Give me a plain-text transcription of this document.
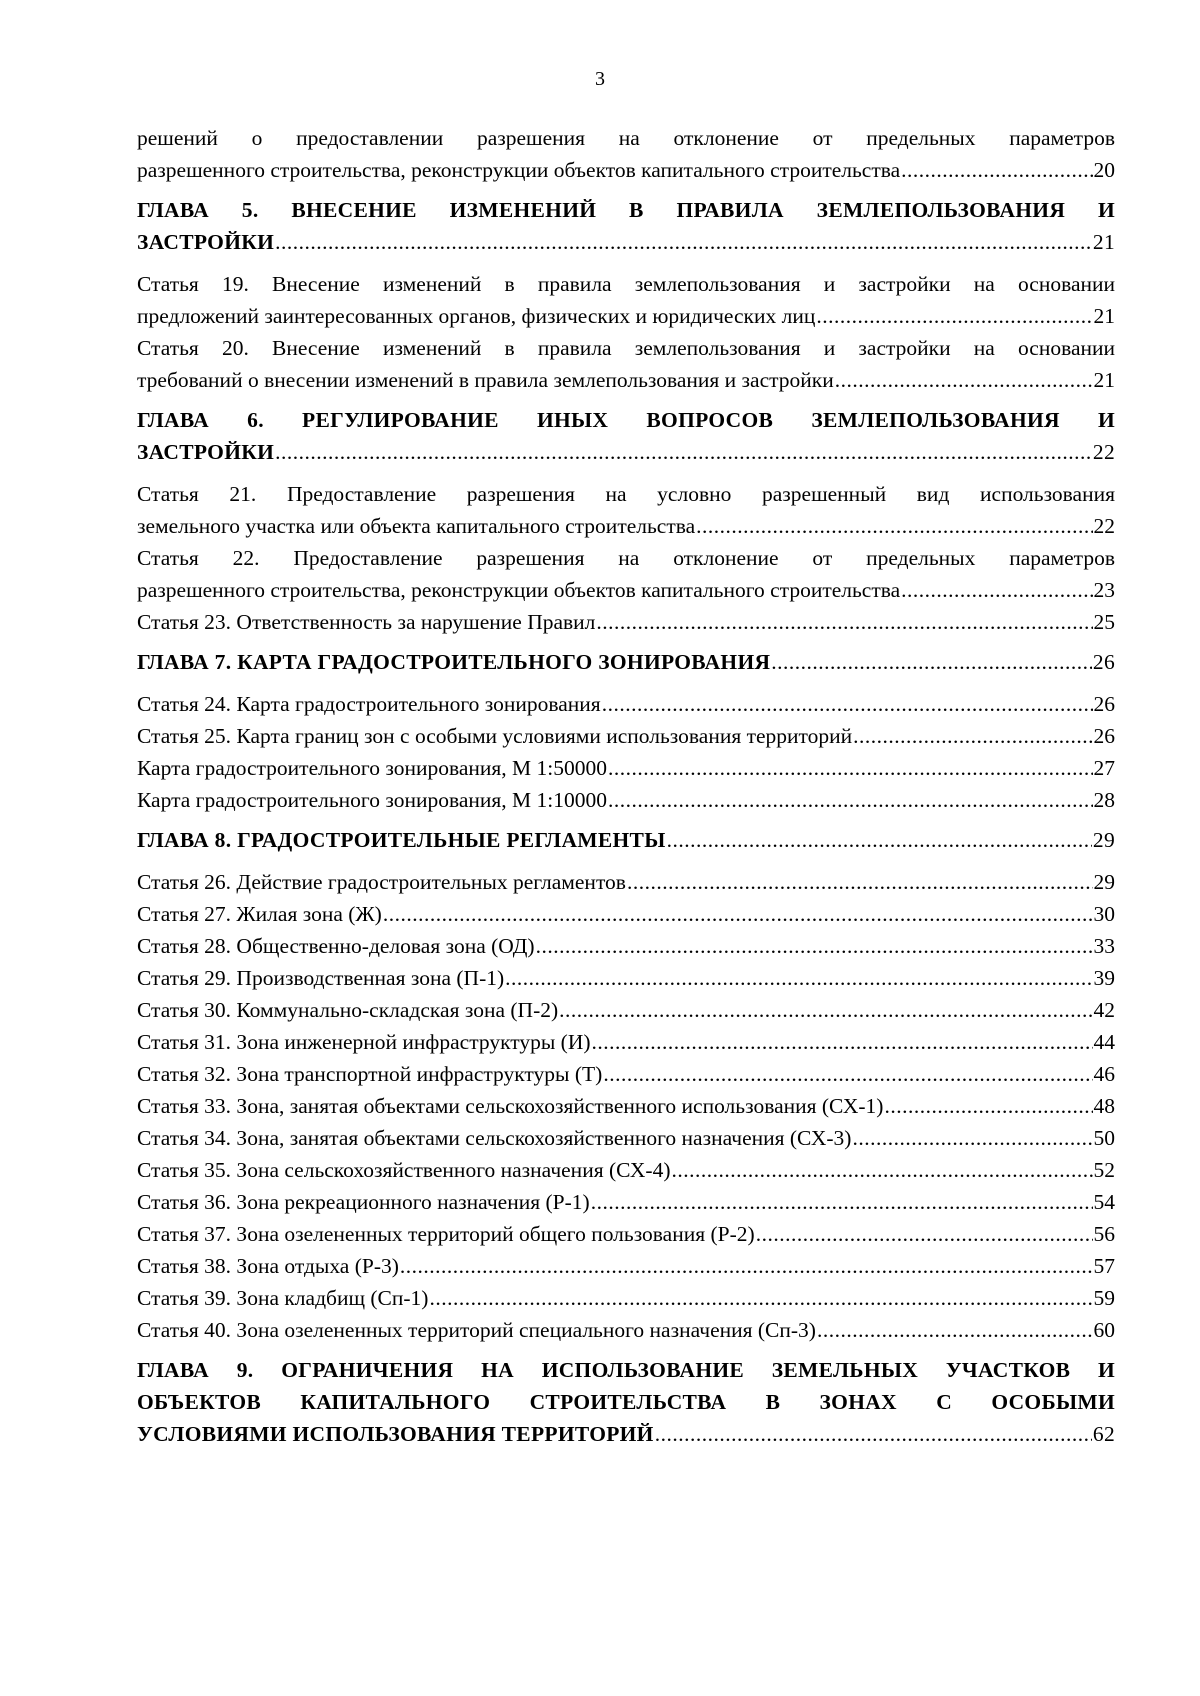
3
решений о предоставлении разрешения на отклонение от предельных параметров
разрешенного строительства, реконструкции объектов капитального строительства .....	20
ГЛАВА 5. ВНЕСЕНИЕ ИЗМЕНЕНИЙ В ПРАВИЛА ЗЕМЛЕПОЛЬЗОВАНИЯ И
ЗАСТРОЙКИ .....	21
Статья 19. Внесение изменений в правила землепользования и застройки на основании
предложений заинтересованных органов, физических и юридических лиц .....	21
Статья 20. Внесение изменений в правила землепользования и застройки на основании
требований о внесении изменений в правила землепользования и застройки .....	21
ГЛАВА 6. РЕГУЛИРОВАНИЕ ИНЫХ ВОПРОСОВ ЗЕМЛЕПОЛЬЗОВАНИЯ И
ЗАСТРОЙКИ .....	22
Статья 21. Предоставление разрешения на условно разрешенный вид использования
земельного участка или объекта капитального строительства .....	22
Статья 22. Предоставление разрешения на отклонение от предельных параметров
разрешенного строительства, реконструкции объектов капитального строительства .....	23
Статья 23. Ответственность за нарушение Правил .....	25
ГЛАВА 7. КАРТА ГРАДОСТРОИТЕЛЬНОГО ЗОНИРОВАНИЯ .....	26
Статья 24. Карта градостроительного зонирования .....	26
Статья 25. Карта границ зон с особыми условиями использования территорий .....	26
Карта градостроительного зонирования, М 1:50000 .....	27
Карта градостроительного зонирования, М 1:10000 .....	28
ГЛАВА 8. ГРАДОСТРОИТЕЛЬНЫЕ РЕГЛАМЕНТЫ .....	29
Статья 26. Действие градостроительных регламентов .....	29
Статья 27. Жилая зона (Ж) .....	30
Статья 28. Общественно-деловая зона (ОД) .....	33
Статья 29. Производственная зона (П-1) .....	39
Статья 30. Коммунально-складская зона (П-2) .....	42
Статья 31. Зона инженерной инфраструктуры (И) .....	44
Статья 32. Зона транспортной инфраструктуры (Т) .....	46
Статья 33. Зона, занятая объектами сельскохозяйственного использования (СХ-1) .....	48
Статья 34. Зона, занятая объектами сельскохозяйственного назначения (СХ-3) .....	50
Статья 35. Зона сельскохозяйственного назначения (СХ-4) .....	52
Статья 36. Зона рекреационного назначения (Р-1) .....	54
Статья 37. Зона озелененных территорий общего пользования (Р-2) .....	56
Статья 38. Зона отдыха (Р-3) .....	57
Статья 39. Зона кладбищ (Сп-1) .....	59
Статья 40. Зона озелененных территорий специального назначения (Сп-3) .....	60
ГЛАВА 9. ОГРАНИЧЕНИЯ НА ИСПОЛЬЗОВАНИЕ ЗЕМЕЛЬНЫХ УЧАСТКОВ И
ОБЪЕКТОВ КАПИТАЛЬНОГО СТРОИТЕЛЬСТВА В ЗОНАХ С ОСОБЫМИ
УСЛОВИЯМИ ИСПОЛЬЗОВАНИЯ ТЕРРИТОРИЙ .....	62
